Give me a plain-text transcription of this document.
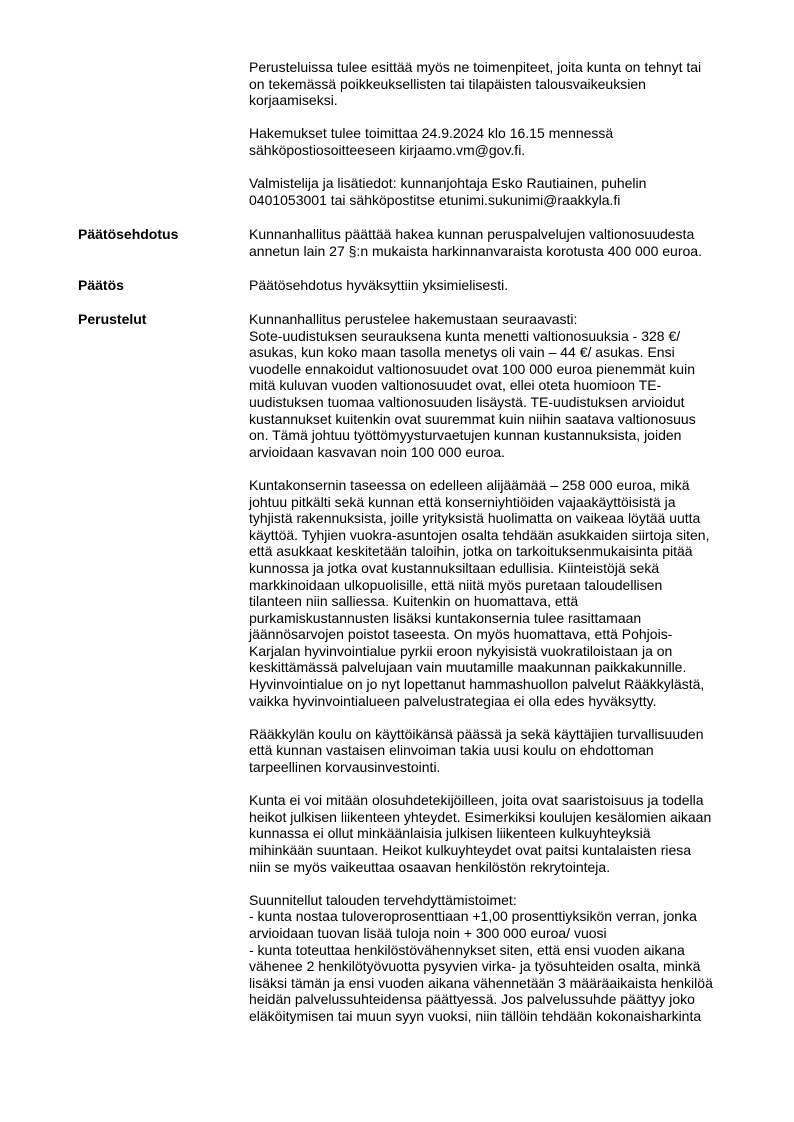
Perusteluissa tulee esittää myös ne toimenpiteet, joita kunta on tehnyt tai
on tekemässä poikkeuksellisten tai tilapäisten talousvaikeuksien
korjaamiseksi.
Hakemukset tulee toimittaa 24.9.2024 klo 16.15 mennessä
sähköpostiosoitteeseen kirjaamo.vm@gov.fi.
Valmistelija ja lisätiedot: kunnanjohtaja Esko Rautiainen, puhelin
0401053001 tai sähköpostitse etunimi.sukunimi@raakkyla.fi
Päätösehdotus	Kunnanhallitus päättää hakea kunnan peruspalvelujen valtionosuudesta
annetun lain 27 §:n mukaista harkinnanvaraista korotusta 400 000 euroa.
Päätös	Päätösehdotus hyväksyttiin yksimielisesti.
Perustelut	Kunnanhallitus perustelee hakemustaan seuraavasti:
Sote-uudistuksen seurauksena kunta menetti valtionosuuksia - 328 €/
asukas, kun koko maan tasolla menetys oli vain – 44 €/ asukas. Ensi
vuodelle ennakoidut valtionosuudet ovat 100 000 euroa pienemmät kuin
mitä kuluvan vuoden valtionosuudet ovat, ellei oteta huomioon TE-
uudistuksen tuomaa valtionosuuden lisäystä. TE-uudistuksen arvioidut
kustannukset kuitenkin ovat suuremmat kuin niihin saatava valtionosuus
on. Tämä johtuu työttömyysturvaetujen kunnan kustannuksista, joiden
arvioidaan kasvavan noin 100 000 euroa.
Kuntakonsernin taseessa on edelleen alijäämää – 258 000 euroa, mikä
johtuu pitkälti sekä kunnan että konserniyhtiöiden vajaakäyttöisistä ja
tyhjistä rakennuksista, joille yrityksistä huolimatta on vaikeaa löytää uutta
käyttöä. Tyhjien vuokra-asuntojen osalta tehdään asukkaiden siirtoja siten,
että asukkaat keskitetään taloihin, jotka on tarkoituksenmukaisinta pitää
kunnossa ja jotka ovat kustannuksiltaan edullisia. Kiinteistöjä sekä
markkinoidaan ulkopuolisille, että niitä myös puretaan taloudellisen
tilanteen niin salliessa. Kuitenkin on huomattava, että
purkamiskustannusten lisäksi kuntakonsernia tulee rasittamaan
jäännösarvojen poistot taseesta. On myös huomattava, että Pohjois-
Karjalan hyvinvointialue pyrkii eroon nykyisistä vuokratiloistaan ja on
keskittämässä palvelujaan vain muutamille maakunnan paikkakunnille.
Hyvinvointialue on jo nyt lopettanut hammashuollon palvelut Rääkkylästä,
vaikka hyvinvointialueen palvelustrategiaa ei olla edes hyväksytty.
Rääkkylän koulu on käyttöikänsä päässä ja sekä käyttäjien turvallisuuden
että kunnan vastaisen elinvoiman takia uusi koulu on ehdottoman
tarpeellinen korvausinvestointi.
Kunta ei voi mitään olosuhdetekijöilleen, joita ovat saaristoisuus ja todella
heikot julkisen liikenteen yhteydet. Esimerkiksi koulujen kesälomien aikaan
kunnassa ei ollut minkäänlaisia julkisen liikenteen kulkuyhteyksiä
mihinkään suuntaan. Heikot kulkuyhteydet ovat paitsi kuntalaisten riesa
niin se myös vaikeuttaa osaavan henkilöstön rekrytointeja.
Suunnitellut talouden tervehdyttämistoimet:
- kunta nostaa tuloveroprosenttiaan +1,00 prosenttiyksikön verran, jonka
arvioidaan tuovan lisää tuloja noin + 300 000 euroa/ vuosi
- kunta toteuttaa henkilöstövähennykset siten, että ensi vuoden aikana
vähenee 2 henkilötyövuotta pysyvien virka- ja työsuhteiden osalta, minkä
lisäksi tämän ja ensi vuoden aikana vähennetään 3 määräaikaista henkilöä
heidän palvelussuhteidensa päättyessä. Jos palvelussuhde päättyy joko
eläköitymisen tai muun syyn vuoksi, niin tällöin tehdään kokonaisharkinta
